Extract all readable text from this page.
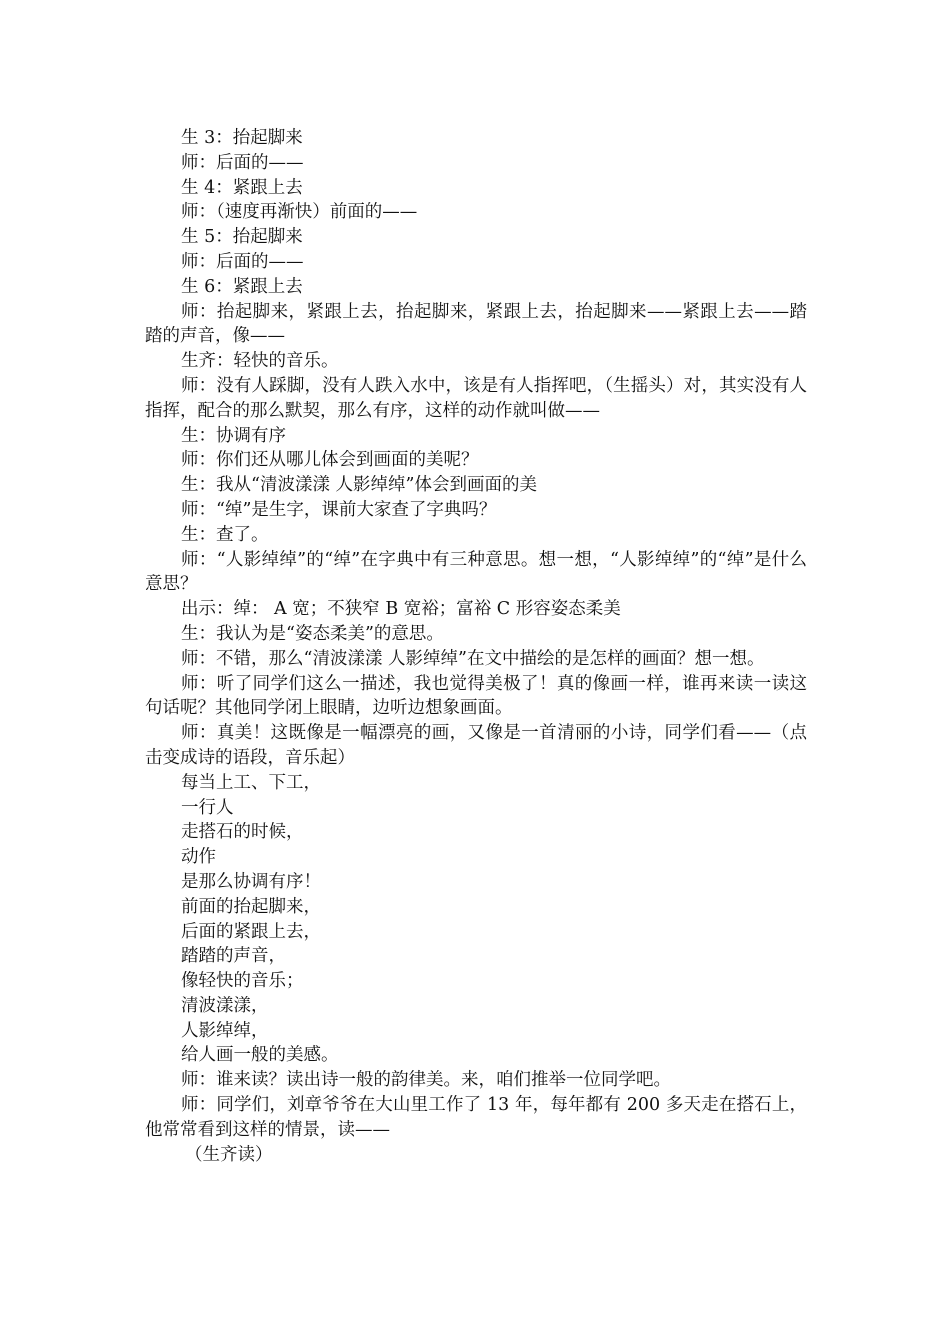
生 3：抬起脚来

师：后面的——

生 4：紧跟上去

师：（速度再渐快）前面的——

生 5：抬起脚来

师：后面的——

生 6：紧跟上去

师：抬起脚来，紧跟上去，抬起脚来，紧跟上去，抬起脚来——紧跟上去——踏踏的声音，像——

生齐：轻快的音乐。

师：没有人踩脚，没有人跌入水中，该是有人指挥吧，（生摇头）对，其实没有人指挥，配合的那么默契，那么有序，这样的动作就叫做——

生：协调有序

师：你们还从哪儿体会到画面的美呢？

生：我从“清波漾漾 人影绰绰”体会到画面的美

师：“绰”是生字，课前大家查了字典吗？

生：查了。

师：“人影绰绰”的“绰”在字典中有三种意思。想一想，“人影绰绰”的“绰”是什么意思？

出示：绰： A 宽；不狭窄 B 宽裕；富裕 C 形容姿态柔美

生：我认为是“姿态柔美”的意思。

师：不错，那么“清波漾漾 人影绰绰”在文中描绘的是怎样的画面？想一想。

师：听了同学们这么一描述，我也觉得美极了！真的像画一样，谁再来读一读这句话呢？其他同学闭上眼睛，边听边想象画面。

师：真美！这既像是一幅漂亮的画，又像是一首清丽的小诗，同学们看——（点击变成诗的语段，音乐起）

每当上工、下工，

一行人

走搭石的时候，

动作

是那么协调有序！

前面的抬起脚来，

后面的紧跟上去，

踏踏的声音，

像轻快的音乐；

清波漾漾，

人影绰绰，

给人画一般的美感。

师：谁来读？读出诗一般的韵律美。来，咱们推举一位同学吧。

师：同学们，刘章爷爷在大山里工作了 13 年，每年都有 200 多天走在搭石上，他常常看到这样的情景，读——

（生齐读）
